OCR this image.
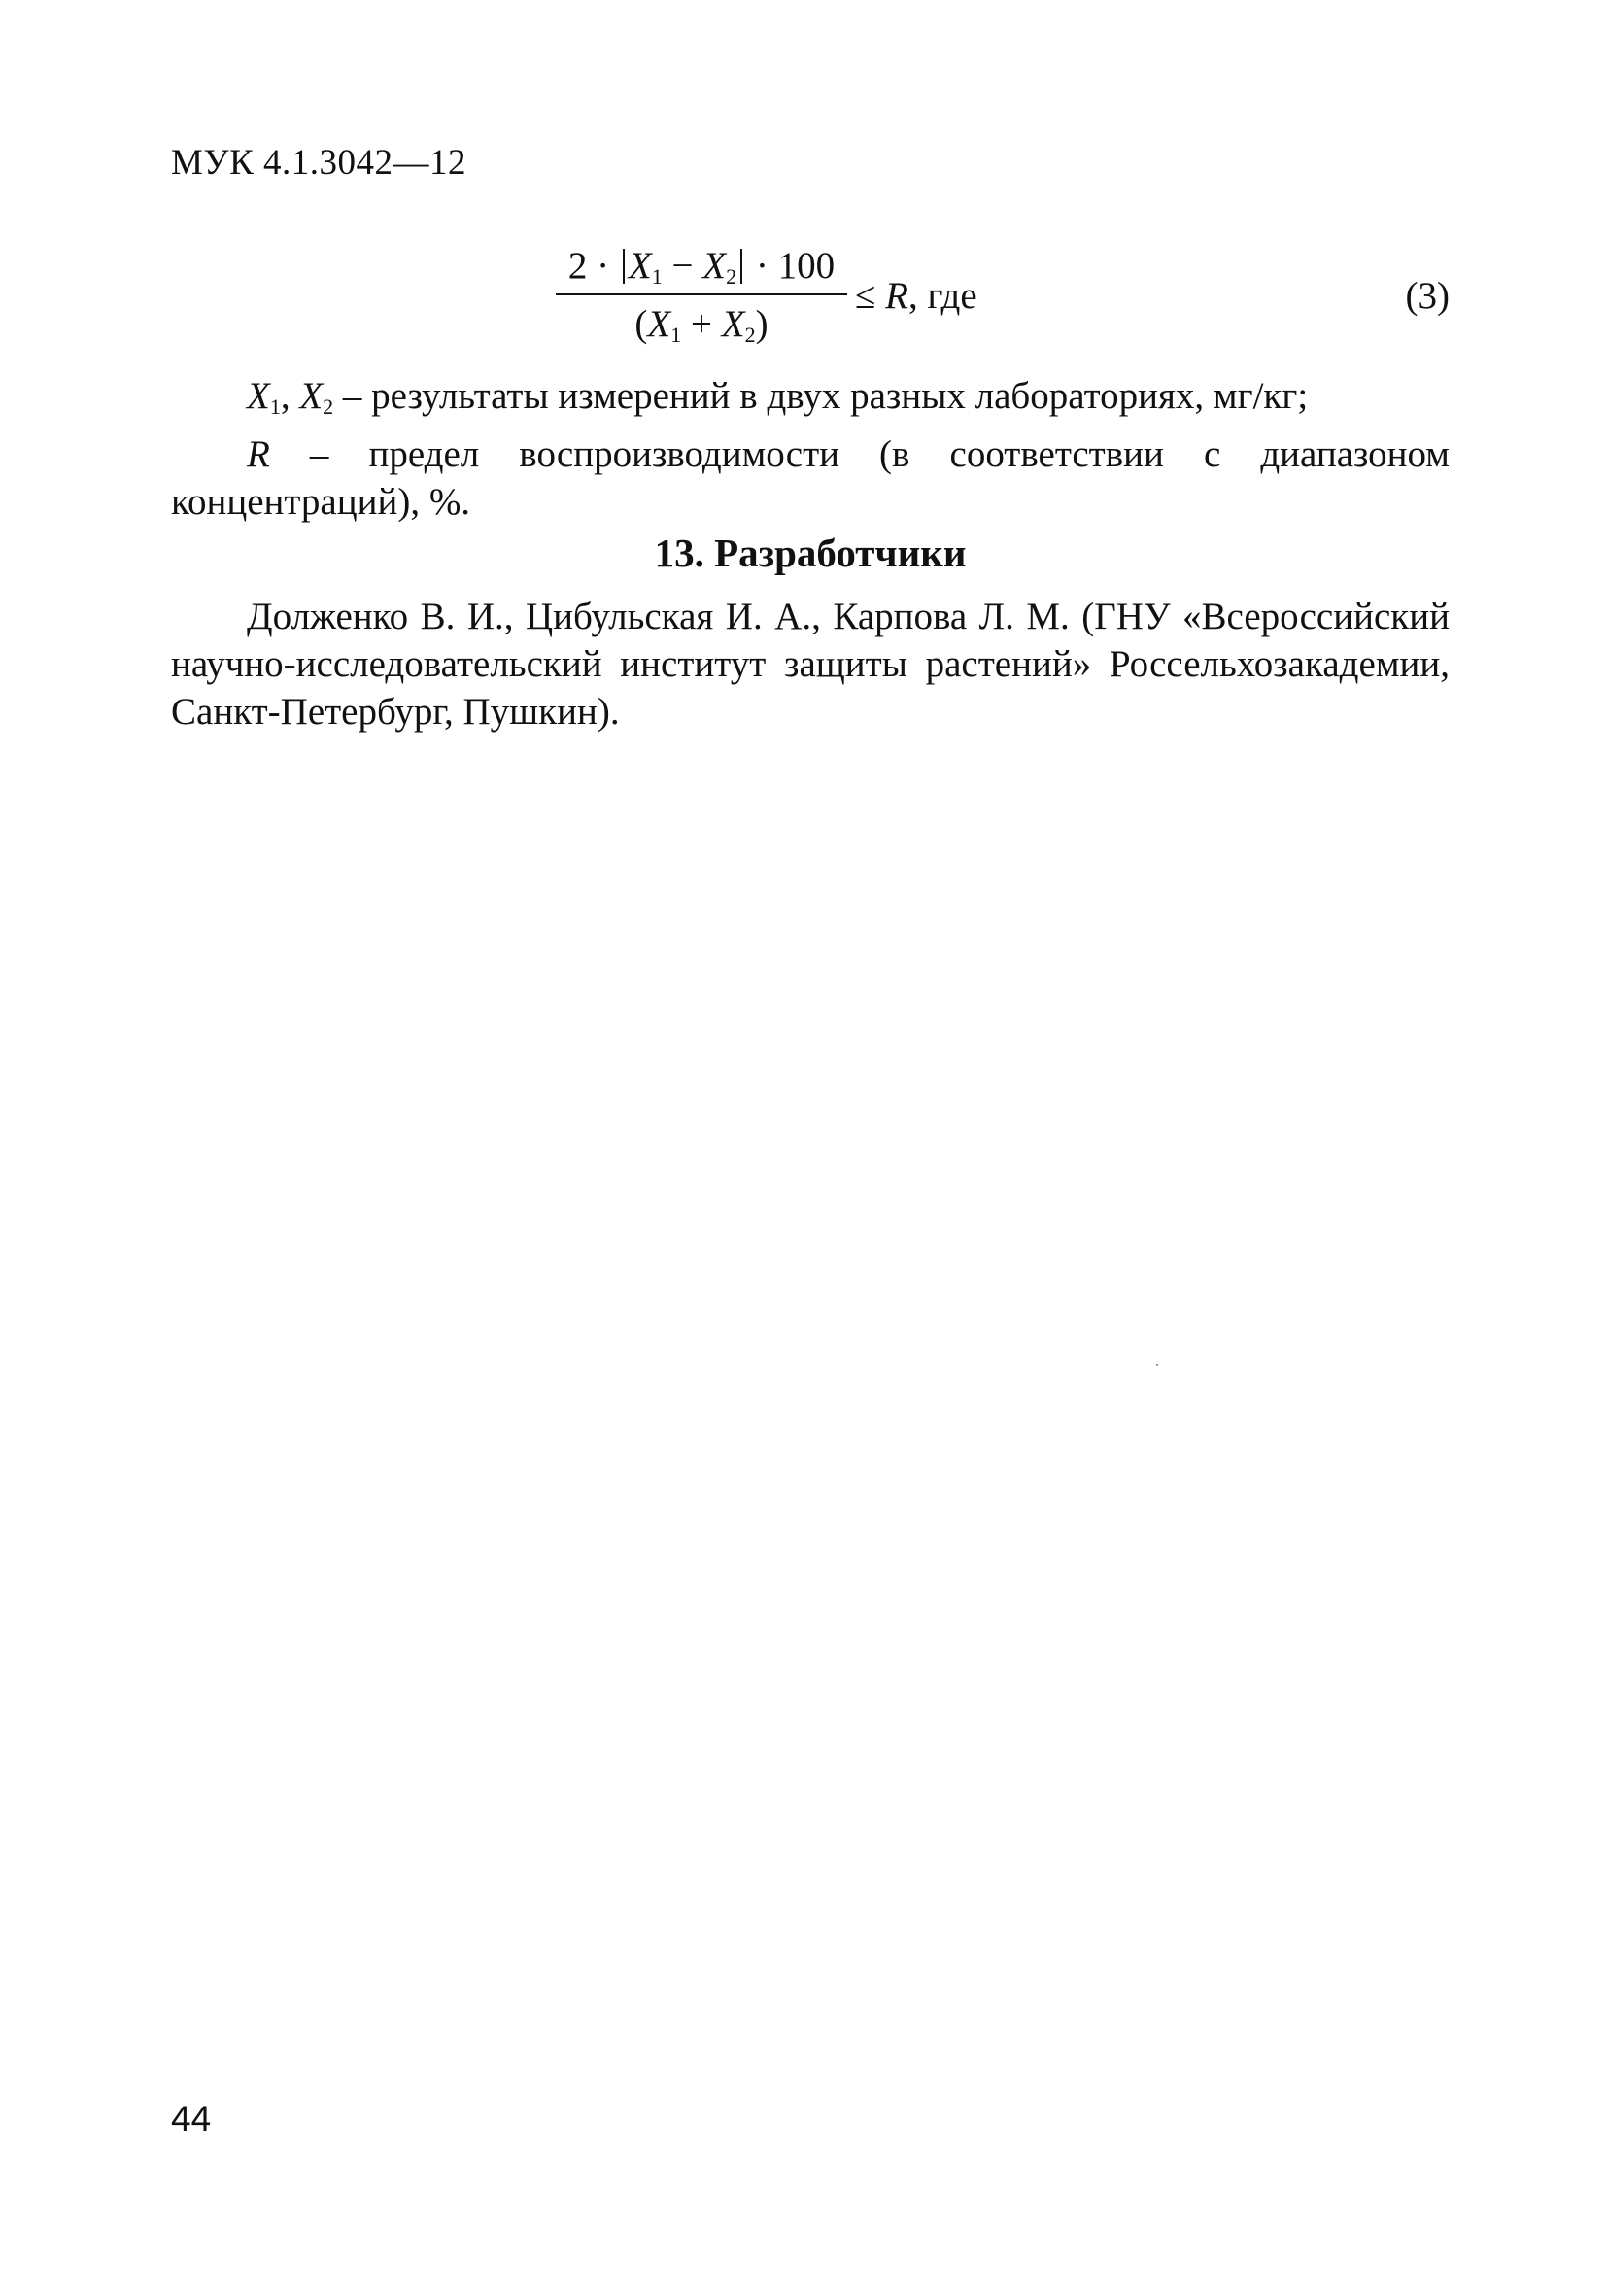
МУК 4.1.3042—12
$2 \cdot X_1 - X_2 \cdot 100$
$(X_1 + X_2)$
≤ R, где	(3)

$X_1$, $X_2$ – результаты измерений в двух разных лабораториях, мг/кг;

R – предел воспроизводимости (в соответствии с диапазоном концентраций), %.

13. Разработчики

Долженко В. И., Цибульская И. А., Карпова Л. М. (ГНУ «Всероссийский научно-исследовательский институт защиты растений» Россельхозакадемии, Санкт-Петербург, Пушкин).

44
